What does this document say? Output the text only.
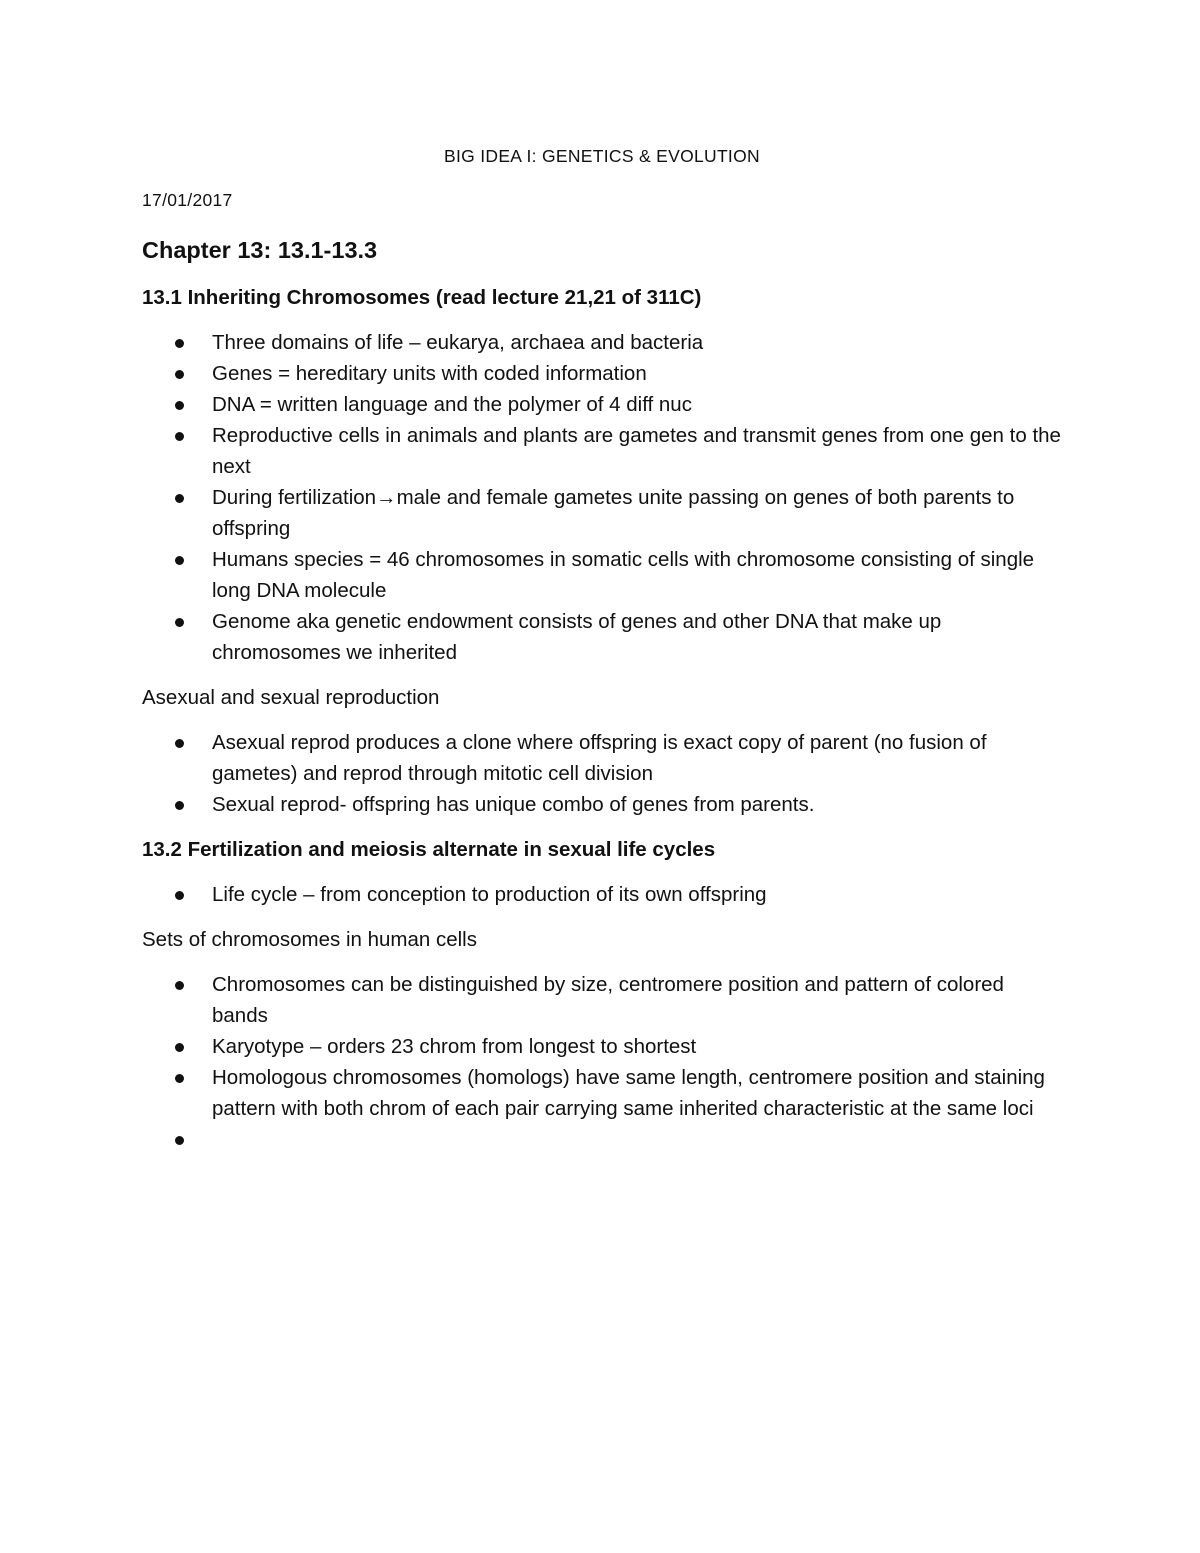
BIG IDEA I: GENETICS & EVOLUTION
17/01/2017
Chapter 13: 13.1-13.3
13.1 Inheriting Chromosomes (read lecture 21,21 of 311C)
Three domains of life – eukarya, archaea and bacteria
Genes = hereditary units with coded information
DNA = written language and the polymer of 4 diff nuc
Reproductive cells in animals and plants are gametes and transmit genes from one gen to the next
During fertilization→male and female gametes unite passing on genes of both parents to offspring
Humans species = 46 chromosomes in somatic cells with chromosome consisting of single long DNA molecule
Genome aka genetic endowment consists of genes and other DNA that make up chromosomes we inherited
Asexual and sexual reproduction
Asexual reprod produces a clone where offspring is exact copy of parent (no fusion of gametes) and reprod through mitotic cell division
Sexual reprod- offspring has unique combo of genes from parents.
13.2 Fertilization and meiosis alternate in sexual life cycles
Life cycle – from conception to production of its own offspring
Sets of chromosomes in human cells
Chromosomes can be distinguished by size, centromere position and pattern of colored bands
Karyotype – orders 23 chrom from longest to shortest
Homologous chromosomes (homologs) have same length, centromere position and staining pattern with both chrom of each pair carrying same inherited characteristic at the same loci
